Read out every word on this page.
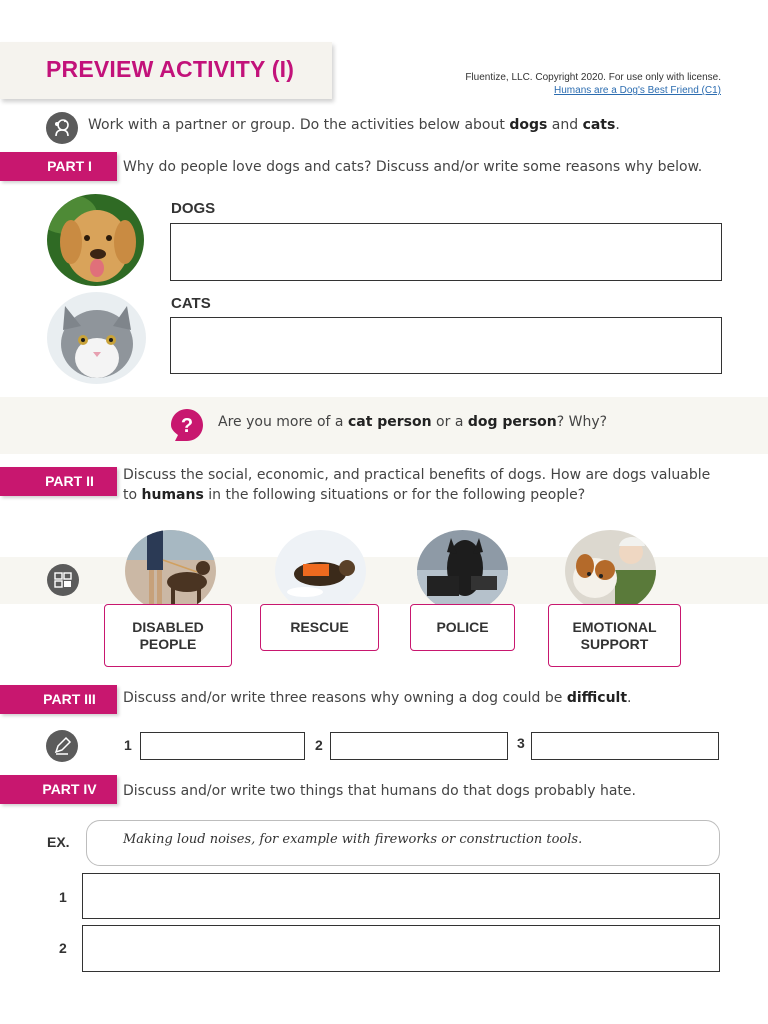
PREVIEW ACTIVITY (I)	Fluentize, LLC. Copyright 2020. For use only with license.
Humans are a Dog's Best Friend (C1)
Work with a partner or group. Do the activities below about dogs and cats.
PART I	Why do people love dogs and cats? Discuss and/or write some reasons why below.
DOGS
CATS
? Are you more of a cat person or a dog person? Why?
PART II	Discuss the social, economic, and practical benefits of dogs. How are dogs valuable
to humans in the following situations or for the following people?
DISABLED
PEOPLE
RESCUE	POLICE	EMOTIONAL
SUPPORT
PART III	Discuss and/or write three reasons why owning a dog could be difficult.
1	2	3
PART IV	Discuss and/or write two things that humans do that dogs probably hate.
EX.	Making loud noises, for example with fireworks or construction tools.
1
2
